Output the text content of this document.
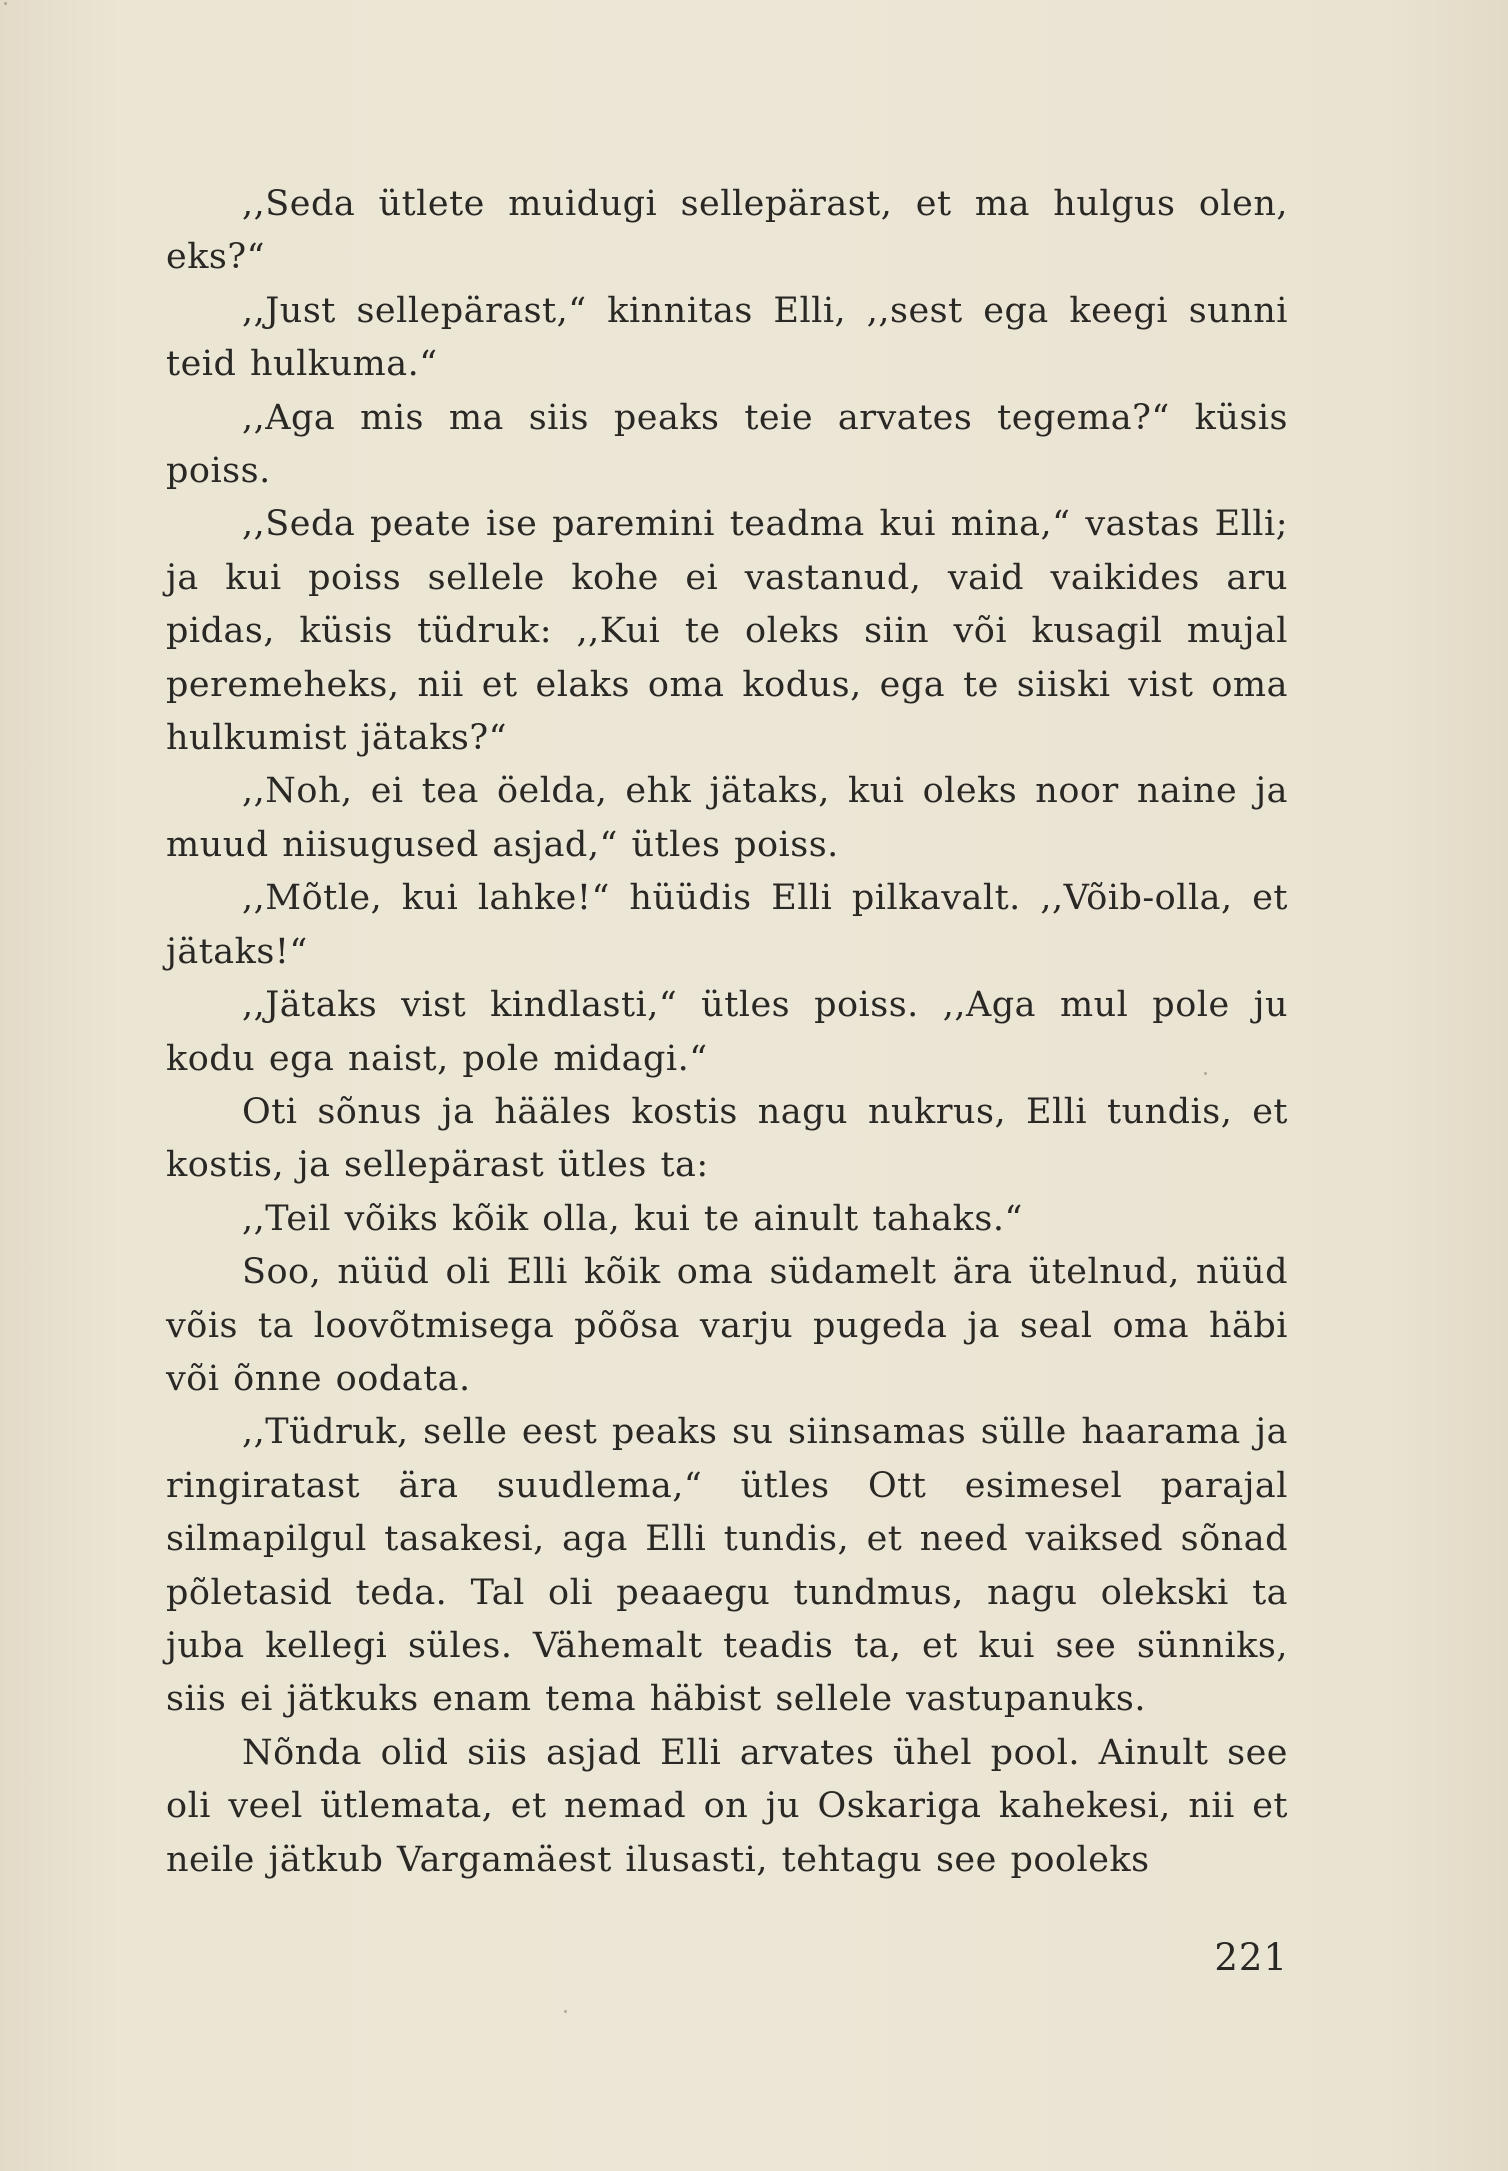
,,Seda ütlete muidugi sellepärast, et ma hulgus olen, eks?“

,,Just sellepärast,“ kinnitas Elli, ,,sest ega keegi sunni teid hulkuma.“

,,Aga mis ma siis peaks teie arvates tegema?“ küsis poiss.

,,Seda peate ise paremini teadma kui mina,“ vastas Elli; ja kui poiss sellele kohe ei vastanud, vaid vaikides aru pidas, küsis tüdruk: ,,Kui te oleks siin või kusagil mujal peremeheks, nii et elaks oma kodus, ega te siiski vist oma hulkumist jätaks?“

,,Noh, ei tea öelda, ehk jätaks, kui oleks noor naine ja muud niisugused asjad,“ ütles poiss.

,,Mõtle, kui lahke!“ hüüdis Elli pilkavalt. ,,Võib-olla, et jätaks!“

,,Jätaks vist kindlasti,“ ütles poiss. ,,Aga mul pole ju kodu ega naist, pole midagi.“

Oti sõnus ja hääles kostis nagu nukrus, Elli tundis, et kostis, ja sellepärast ütles ta:

,,Teil võiks kõik olla, kui te ainult tahaks.“

Soo, nüüd oli Elli kõik oma südamelt ära ütelnud, nüüd võis ta loovõtmisega põõsa varju pugeda ja seal oma häbi või õnne oodata.

,,Tüdruk, selle eest peaks su siinsamas sülle haarama ja ringiratast ära suudlema,“ ütles Ott esimesel parajal silmapilgul tasakesi, aga Elli tundis, et need vaiksed sõnad põletasid teda. Tal oli peaaegu tundmus, nagu olekski ta juba kellegi süles. Vähemalt teadis ta, et kui see sünniks, siis ei jätkuks enam tema häbist sellele vastupanuks.

Nõnda olid siis asjad Elli arvates ühel pool. Ainult see oli veel ütlemata, et nemad on ju Oskariga kahekesi, nii et neile jätkub Vargamäest ilusasti, tehtagu see pooleks

221
